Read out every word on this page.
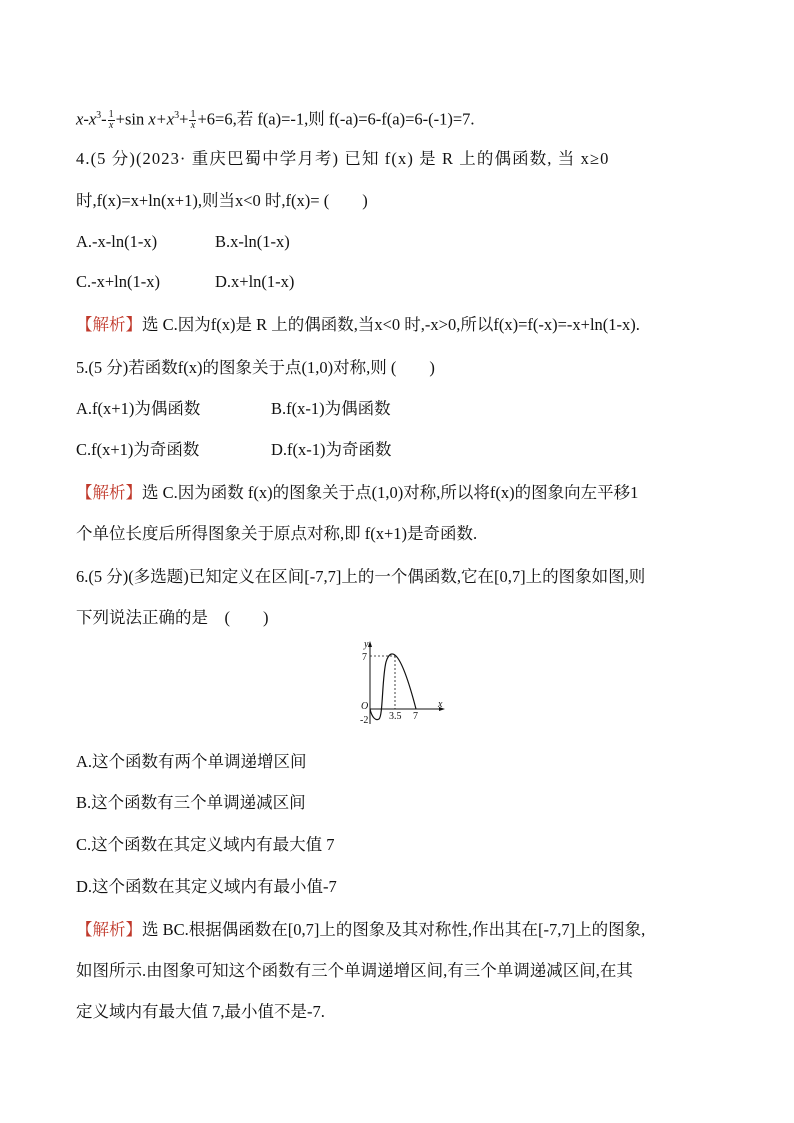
$x-x^3- \frac{1}{x} +\sin$ $x+x^3+ \frac{1}{x} +6=6$,若 f(a)=-1,则 f(-a)=6-f(a)=6-(-1)=7.
4.(5 分)(2023· 重庆巴蜀中学月考) 已知 f(x) 是 R 上的偶函数, 当 x≥0
时,f(x)=x+ln(x+1),则当x<0 时,f(x)= (　　)
A.-x-ln(1-x)	B.x-ln(1-x)
C.-x+ln(1-x)	D.x+ln(1-x)
【解析】选 C.因为f(x)是 R 上的偶函数,当x<0 时,-x>0,所以f(x)=f(-x)=-x+ln(1-x).
5.(5 分)若函数f(x)的图象关于点(1,0)对称,则 (　　)
A.f(x+1)为偶函数	B.f(x-1)为偶函数
C.f(x+1)为奇函数	D.f(x-1)为奇函数
【解析】选 C.因为函数 f(x)的图象关于点(1,0)对称,所以将f(x)的图象向左平移1
个单位长度后所得图象关于原点对称,即 f(x+1)是奇函数.
6.(5 分)(多选题)已知定义在区间[-7,7]上的一个偶函数,它在[0,7]上的图象如图,则
下列说法正确的是　(　　)
y
x
O
7
-2 3.5 7
A.这个函数有两个单调递增区间
B.这个函数有三个单调递减区间
C.这个函数在其定义域内有最大值 7
D.这个函数在其定义域内有最小值-7
【解析】选 BC.根据偶函数在[0,7]上的图象及其对称性,作出其在[-7,7]上的图象,
如图所示.由图象可知这个函数有三个单调递增区间,有三个单调递减区间,在其
定义域内有最大值 7,最小值不是-7.
